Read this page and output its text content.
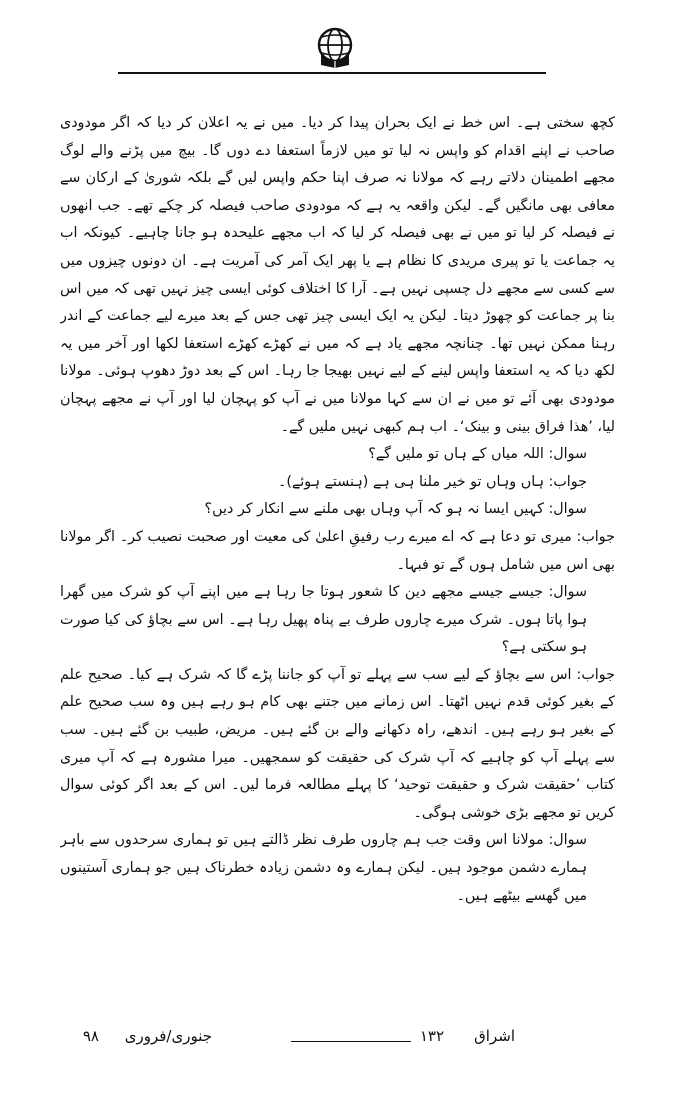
کچھ سختی ہے۔ اس خط نے ایک بحران پیدا کر دیا۔ میں نے یہ اعلان کر دیا کہ اگر مودودی صاحب نے اپنے اقدام کو واپس نہ لیا تو میں لازماً استعفا دے دوں گا۔ بیچ میں پڑنے والے لوگ مجھے اطمینان دلاتے رہے کہ مولانا نہ صرف اپنا حکم واپس لیں گے بلکہ شوریٰ کے ارکان سے معافی بھی مانگیں گے۔ لیکن واقعہ یہ ہے کہ مودودی صاحب فیصلہ کر چکے تھے۔ جب انھوں نے فیصلہ کر لیا تو میں نے بھی فیصلہ کر لیا کہ اب مجھے علیحدہ ہو جانا چاہیے۔ کیونکہ اب یہ جماعت یا تو پیری مریدی کا نظام ہے یا پھر ایک آمر کی آمریت ہے۔ ان دونوں چیزوں میں سے کسی سے مجھے دل چسپی نہیں ہے۔ آرا کا اختلاف کوئی ایسی چیز نہیں تھی کہ میں اس بنا پر جماعت کو چھوڑ دیتا۔ لیکن یہ ایک ایسی چیز تھی جس کے بعد میرے لیے جماعت کے اندر رہنا ممکن نہیں تھا۔ چنانچہ مجھے یاد ہے کہ میں نے کھڑے کھڑے استعفا لکھا اور آخر میں یہ لکھ دیا کہ یہ استعفا واپس لینے کے لیے نہیں بھیجا جا رہا۔ اس کے بعد دوڑ دھوپ ہوئی۔ مولانا مودودی بھی آئے تو میں نے ان سے کہا مولانا میں نے آپ کو پہچان لیا اور آپ نے مجھے پہچان لیا، ’ھذا فراق بینی و بینک‘۔ اب ہم کبھی نہیں ملیں گے۔

سوال: اللہ میاں کے ہاں تو ملیں گے؟

جواب: ہاں وہاں تو خیر ملنا ہی ہے (ہنستے ہوئے)۔

سوال: کہیں ایسا نہ ہو کہ آپ وہاں بھی ملنے سے انکار کر دیں؟

جواب: میری تو دعا ہے کہ اے میرے رب رفیقِ اعلیٰ کی معیت اور صحبت نصیب کر۔ اگر مولانا بھی اس میں شامل ہوں گے تو فبہا۔

سوال: جیسے جیسے مجھے دین کا شعور ہوتا جا رہا ہے میں اپنے آپ کو شرک میں گھرا ہوا پاتا ہوں۔ شرک میرے چاروں طرف بے پناہ پھیل رہا ہے۔ اس سے بچاؤ کی کیا صورت ہو سکتی ہے؟

جواب: اس سے بچاؤ کے لیے سب سے پہلے تو آپ کو جاننا پڑے گا کہ شرک ہے کیا۔ صحیح علم کے بغیر کوئی قدم نہیں اٹھتا۔ اس زمانے میں جتنے بھی کام ہو رہے ہیں وہ سب صحیح علم کے بغیر ہو رہے ہیں۔ اندھے، راہ دکھانے والے بن گئے ہیں۔ مریض، طبیب بن گئے ہیں۔ سب سے پہلے آپ کو چاہیے کہ آپ شرک کی حقیقت کو سمجھیں۔ میرا مشورہ ہے کہ آپ میری کتاب ’حقیقت شرک و حقیقت توحید‘ کا پہلے مطالعہ فرما لیں۔ اس کے بعد اگر کوئی سوال کریں تو مجھے بڑی خوشی ہوگی۔

سوال: مولانا اس وقت جب ہم چاروں طرف نظر ڈالتے ہیں تو ہماری سرحدوں سے باہر ہمارے دشمن موجود ہیں۔ لیکن ہمارے وہ دشمن زیادہ خطرناک ہیں جو ہماری آستینوں میں گھسے بیٹھے ہیں۔

اشراق
۱۳۲
جنوری/فروری
۹۸
